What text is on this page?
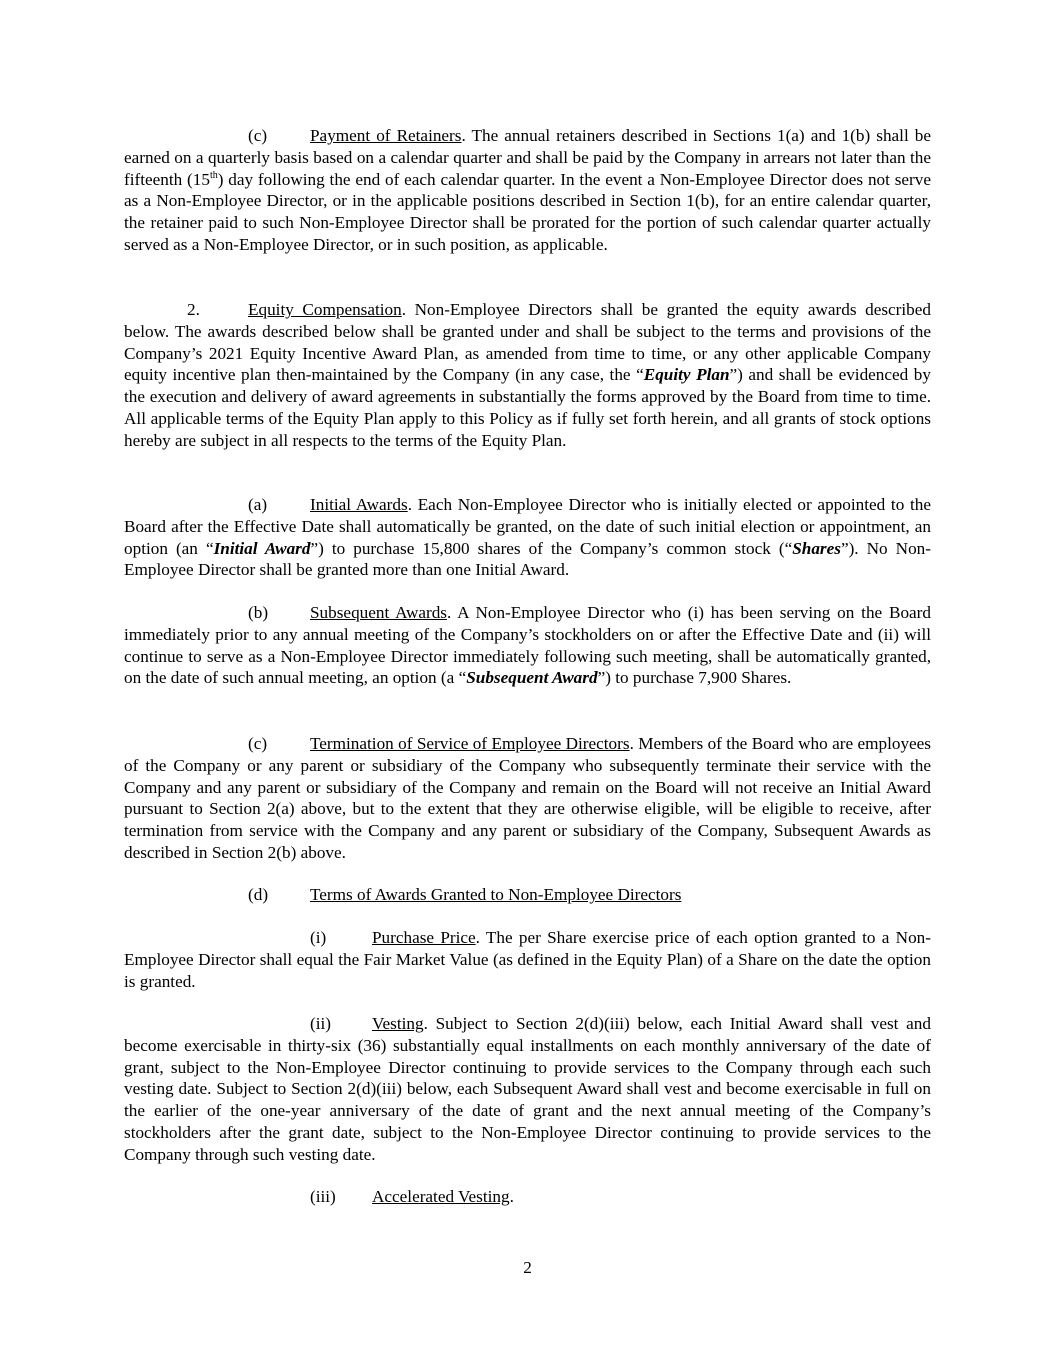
(c) Payment of Retainers. The annual retainers described in Sections 1(a) and 1(b) shall be earned on a quarterly basis based on a calendar quarter and shall be paid by the Company in arrears not later than the fifteenth (15th) day following the end of each calendar quarter. In the event a Non-Employee Director does not serve as a Non-Employee Director, or in the applicable positions described in Section 1(b), for an entire calendar quarter, the retainer paid to such Non-Employee Director shall be prorated for the portion of such calendar quarter actually served as a Non-Employee Director, or in such position, as applicable.

2.	Equity Compensation. Non-Employee Directors shall be granted the equity awards described below. The awards described below shall be granted under and shall be subject to the terms and provisions of the Company’s 2021 Equity Incentive Award Plan, as amended from time to time, or any other applicable Company equity incentive plan then-maintained by the Company (in any case, the “Equity Plan”) and shall be evidenced by the execution and delivery of award agreements in substantially the forms approved by the Board from time to time. All applicable terms of the Equity Plan apply to this Policy as if fully set forth herein, and all grants of stock options hereby are subject in all respects to the terms of the Equity Plan.

(a) Initial Awards. Each Non-Employee Director who is initially elected or appointed to the Board after the Effective Date shall automatically be granted, on the date of such initial election or appointment, an option (an “Initial Award”) to purchase 15,800 shares of the Company’s common stock (“Shares”). No Non-Employee Director shall be granted more than one Initial Award.

(b) Subsequent Awards. A Non-Employee Director who (i) has been serving on the Board immediately prior to any annual meeting of the Company’s stockholders on or after the Effective Date and (ii) will continue to serve as a Non-Employee Director immediately following such meeting, shall be automatically granted, on the date of such annual meeting, an option (a “Subsequent Award”) to purchase 7,900 Shares.

(c) Termination of Service of Employee Directors. Members of the Board who are employees of the Company or any parent or subsidiary of the Company who subsequently terminate their service with the Company and any parent or subsidiary of the Company and remain on the Board will not receive an Initial Award pursuant to Section 2(a) above, but to the extent that they are otherwise eligible, will be eligible to receive, after termination from service with the Company and any parent or subsidiary of the Company, Subsequent Awards as described in Section 2(b) above.

(d) Terms of Awards Granted to Non-Employee Directors

(i)	Purchase Price. The per Share exercise price of each option granted to a Non-Employee Director shall equal the Fair Market Value (as defined in the Equity Plan) of a Share on the date the option is granted.

(ii) Vesting. Subject to Section 2(d)(iii) below, each Initial Award shall vest and become exercisable in thirty-six (36) substantially equal installments on each monthly anniversary of the date of grant, subject to the Non-Employee Director continuing to provide services to the Company through each such vesting date. Subject to Section 2(d)(iii) below, each Subsequent Award shall vest and become exercisable in full on the earlier of the one-year anniversary of the date of grant and the next annual meeting of the Company’s stockholders after the grant date, subject to the Non-Employee Director continuing to provide services to the Company through such vesting date.

(iii) Accelerated Vesting.

2
